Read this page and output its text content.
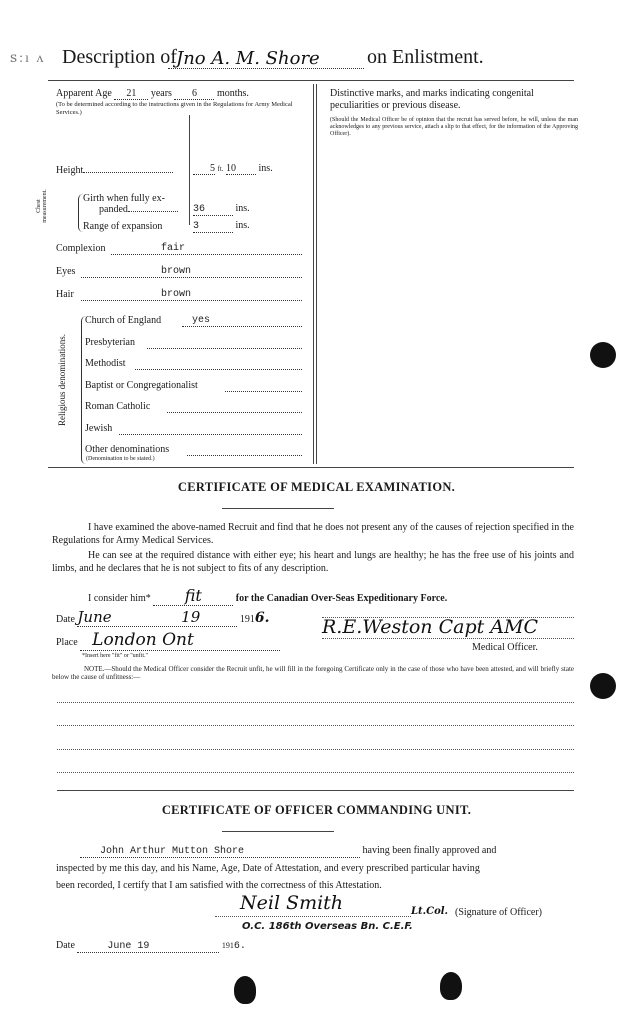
ꜱ:ı ʌ Description of Jno A. M. Shore	on Enlistment.
Apparent Age 21 years 6 months.
(To be determined according to the instructions given in the Regulations for Army Medical Services.)
Height	5 ft. 10 ins.
Chest measurement.	Girth when fully ex-
panded	36	ins.
Range of expansion	3	ins.
Complexion	fair
Eyes	brown
Hair	brown
Religious denominations.
Church of England	yes
Presbyterian
Methodist
Baptist or Congregationalist
Roman Catholic
Jewish
Other denominations
(Denomination to be stated.)
Distinctive marks, and marks indicating congenital peculiarities or previous disease.
(Should the Medical Officer be of opinion that the recruit has served before, he will, unless the man acknowledges to any previous service, attach a slip to that effect, for the information of the Approving Officer).
CERTIFICATE OF MEDICAL EXAMINATION.
I have examined the above-named Recruit and find that he does not present any of the causes of rejection specified in the Regulations for Army Medical Services.
He can see at the required distance with either eye; his heart and lungs are healthy; he has the free use of his joints and limbs, and he declares that he is not subject to fits of any description.
I consider him* fit	for the Canadian Over-Seas Expeditionary Force.
Date June	19	1916.
Place London Ont
R.E.Weston Capt AMC
Medical Officer.
*Insert here "fit" or "unfit."
NOTE.—Should the Medical Officer consider the Recruit unfit, he will fill in the foregoing Certificate only in the case of those who have been attested, and will briefly state below the cause of unfitness:—
CERTIFICATE OF OFFICER COMMANDING UNIT.
John Arthur Mutton Shore	having been finally approved and
inspected by me this day, and his Name, Age, Date of Attestation, and every prescribed particular having
been recorded, I certify that I am satisfied with the correctness of this Attestation.
Neil Smith	Lt.Col. (Signature of Officer)
O.C. 186th Overseas Bn. C.E.F.
Date	June 19	1916.
